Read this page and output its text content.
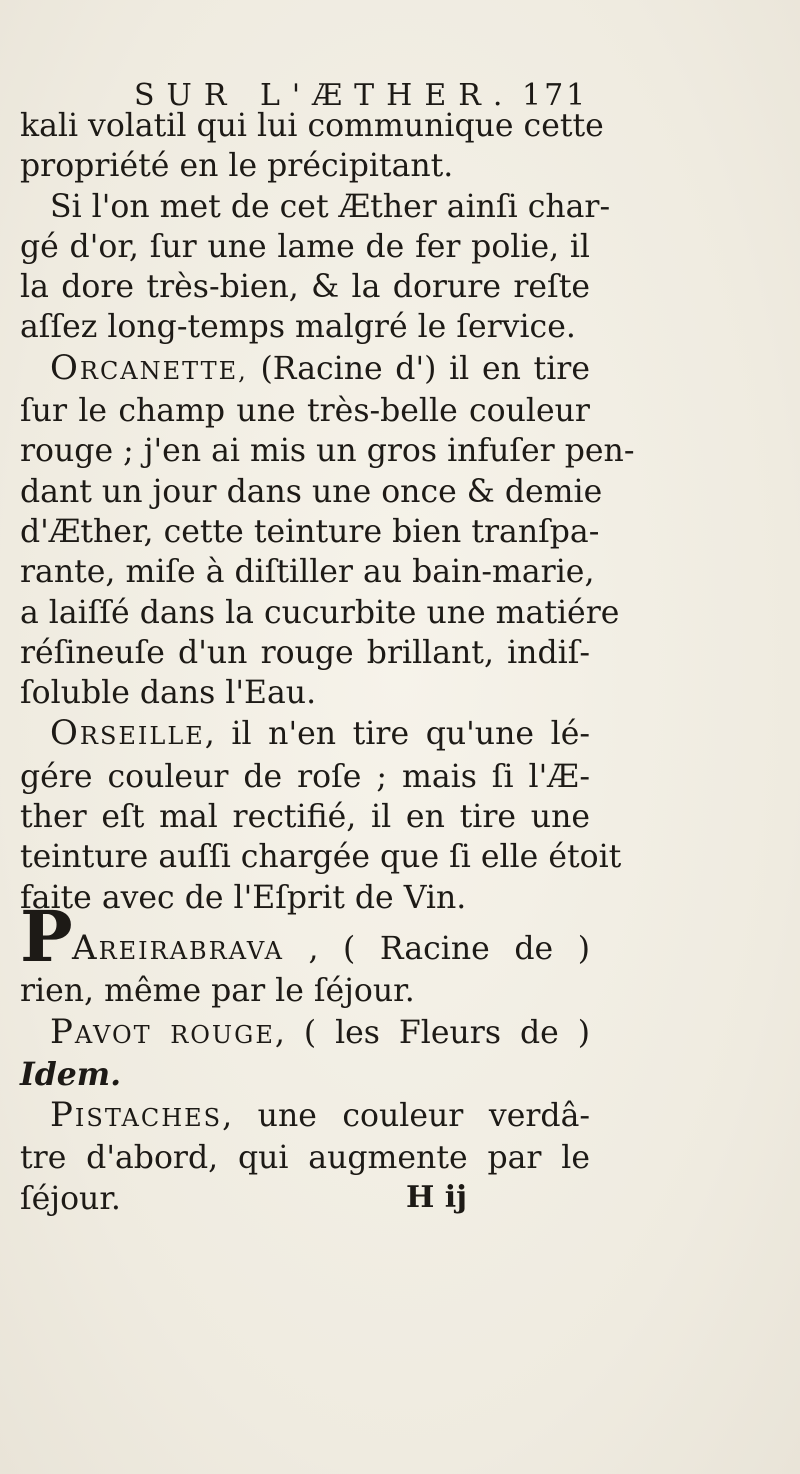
SUR L'ÆTHER. 171
kali volatil qui lui communique cette
propriété en le précipitant.
Si l'on met de cet Æther ainſi char-
gé d'or, ſur une lame de fer polie, il
la dore très-bien, & la dorure reſte
aſſez long-temps malgré le ſervice.
ORCANETTE, (Racine d') il en tire
ſur le champ une très-belle couleur
rouge ; j'en ai mis un gros infuſer pen-
dant un jour dans une once & demie
d'Æther, cette teinture bien tranſpa-
rante, miſe à diſtiller au bain-marie,
a laiſſé dans la cucurbite une matiére
réſineuſe d'un rouge brillant, indiſ-
ſoluble dans l'Eau.
ORSEILLE, il n'en tire qu'une lé-
gére couleur de roſe ; mais ſi l'Æ-
ther eſt mal rectifié, il en tire une
teinture auſſi chargée que ſi elle étoit
faite avec de l'Eſprit de Vin.
P AREIRABRAVA , ( Racine de )
rien, même par le ſéjour.
PAVOT ROUGE, ( les Fleurs de )
Idem.
PISTACHES, une couleur verdâ-
tre d'abord, qui augmente par le
ſéjour.	H ij
